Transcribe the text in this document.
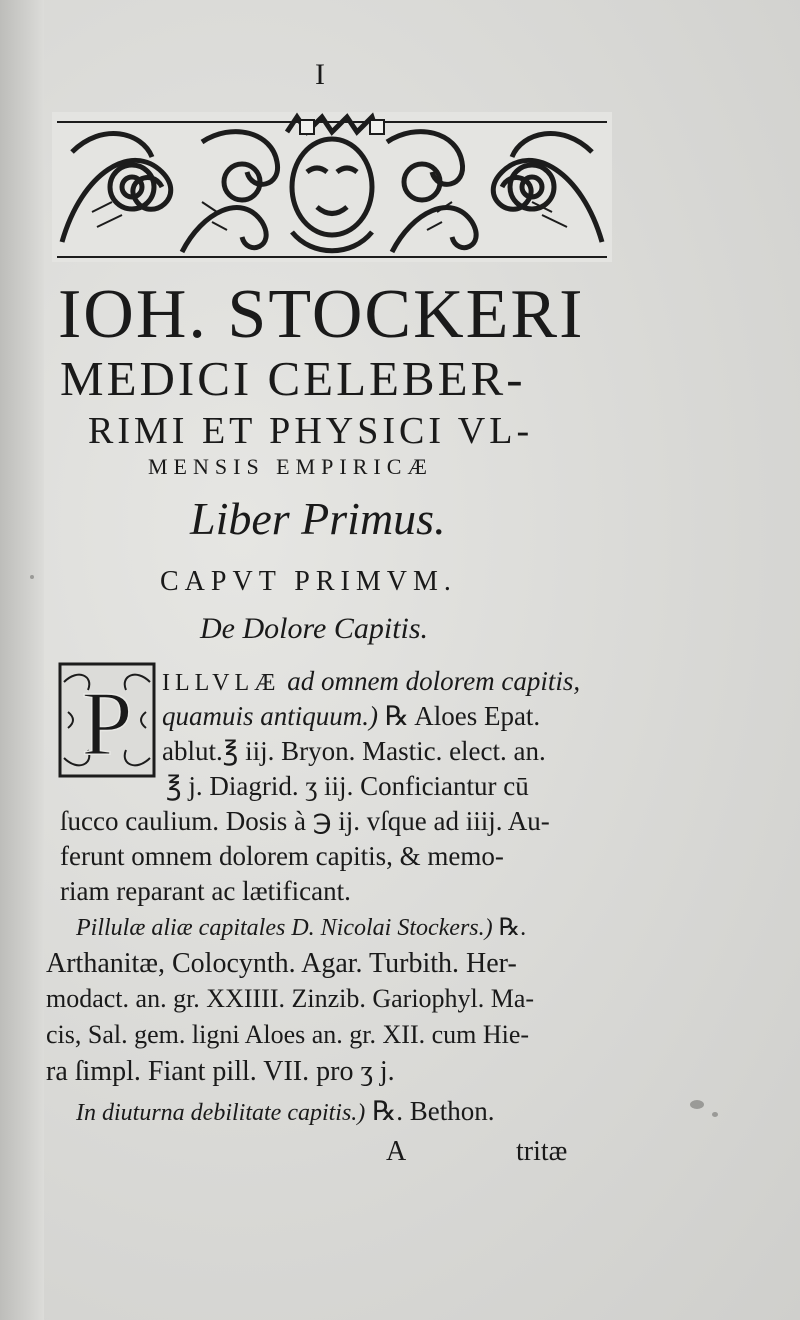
I
IOH. STOCKERI
MEDICI CELEBER-
RIMI ET PHYSICI VL-
MENSIS EMPIRICÆ
Liber Primus.
CAPVT PRIMVM.
De Dolore Capitis.
P ILLVLÆ ad omnem dolorem capitis,
quamuis antiquum.) ℞ Aloes Epat.
ablut.℥ iij. Bryon. Mastic. elect. an.
℥ j. Diagrid. ʒ iij. Conficiantur cū
ſucco caulium. Dosis à ℈ ij. vſque ad iiij. Au-
ferunt omnem dolorem capitis, & memo-
riam reparant ac lætificant.
Pillulæ aliæ capitales D. Nicolai Stockers.) ℞.
Arthanitæ, Colocynth. Agar. Turbith. Her-
modact. an. gr. XXIIII. Zinzib. Gariophyl. Ma-
cis, Sal. gem. ligni Aloes an. gr. XII. cum Hie-
ra ſimpl. Fiant pill. VII. pro ʒ j.
In diuturna debilitate capitis.) ℞. Bethon.
A	tritæ
